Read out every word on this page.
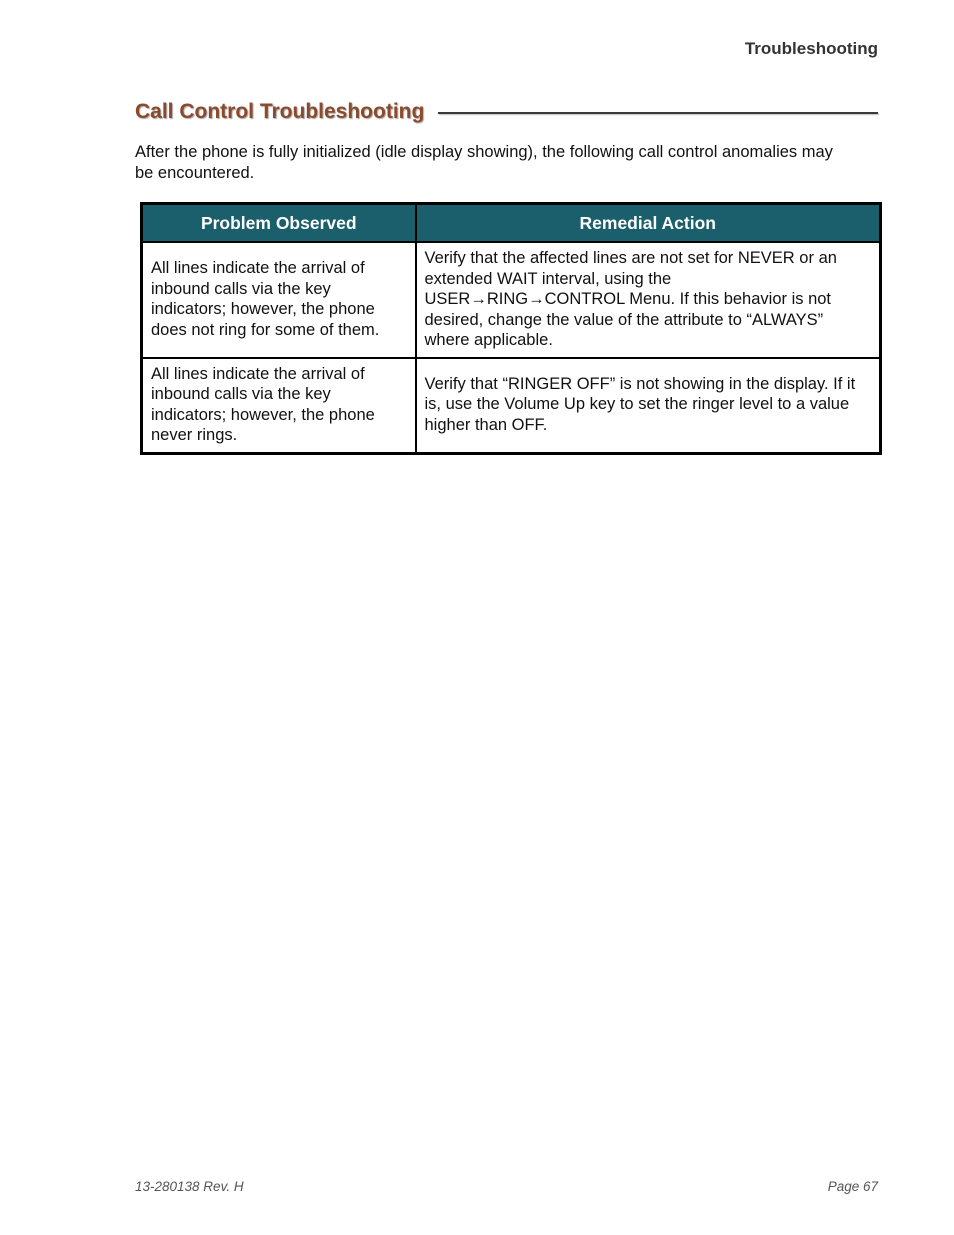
Troubleshooting
Call Control Troubleshooting
After the phone is fully initialized (idle display showing), the following call control anomalies may be encountered.
Problem Observed	Remedial Action
All lines indicate the arrival of inbound calls via the key indicators; however, the phone does not ring for some of them.	Verify that the affected lines are not set for NEVER or an extended WAIT interval, using the USER→RING→CONTROL Menu. If this behavior is not desired, change the value of the attribute to “ALWAYS” where applicable.
All lines indicate the arrival of inbound calls via the key indicators; however, the phone never rings.	Verify that “RINGER OFF” is not showing in the display. If it is, use the Volume Up key to set the ringer level to a value higher than OFF.
13-280138 Rev. H	Page 67
